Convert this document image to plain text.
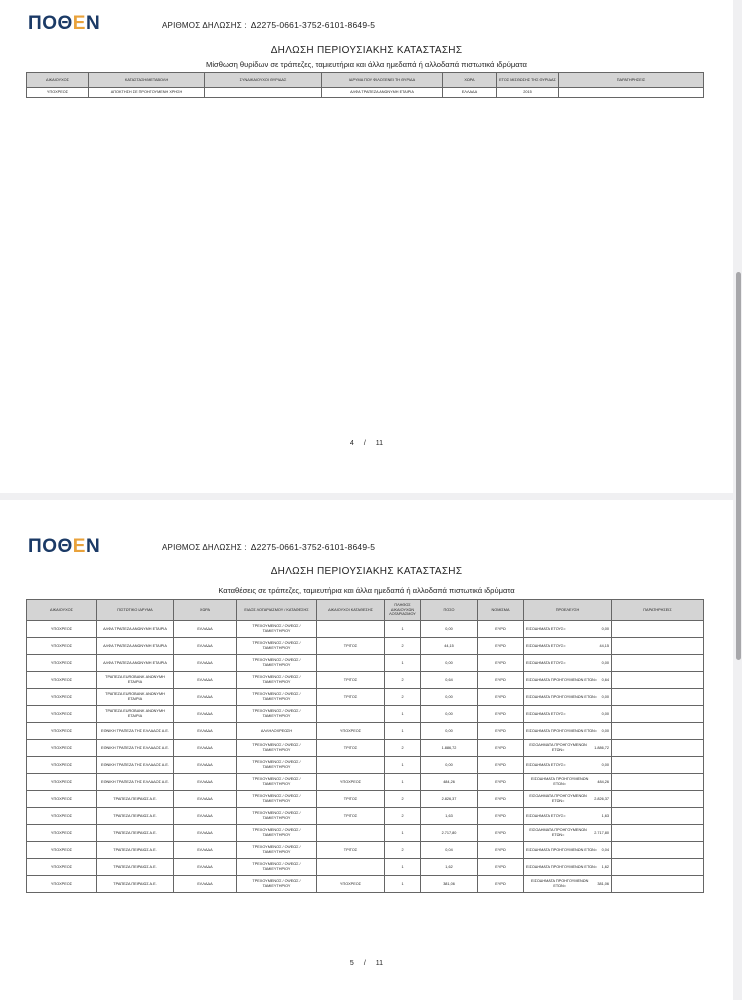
ΠΟΘΕΝ	ΑΡΙΘΜΟΣ ΔΗΛΩΣΗΣ : Δ2275-0661-3752-6101-8649-5
ΔΗΛΩΣΗ ΠΕΡΙΟΥΣΙΑΚΗΣ ΚΑΤΑΣΤΑΣΗΣ
Μίσθωση θυρίδων σε τράπεζες, ταμιευτήρια και άλλα ημεδαπά ή αλλοδαπά πιστωτικά ιδρύματα
ΔΙΚΑΙΟΥΧΟΣ	ΚΑΤΑΣΤΑΣΗ/ΜΕΤΑΒΟΛΗ	ΣΥΝΔΙΚΑΙΟΥΧΟΙ ΘΥΡΙΔΑΣ	ΙΔΡΥΜΑ ΠΟΥ ΦΙΛΟΞΕΝΕΙ ΤΗ ΘΥΡΙΔΑ	ΧΩΡΑ	ΕΤΟΣ ΜΙΣΘΩΣΗΣ ΤΗΣ ΘΥΡΙΔΑΣ	ΠΑΡΑΤΗΡΗΣΕΙΣ
ΥΠΟΧΡΕΟΣ	ΑΠΟΚΤΗΣΗ ΣΕ ΠΡΟΗΓΟΥΜΕΝΗ ΧΡΗΣΗ		ΑΛΦΑ ΤΡΑΠΕΖΑ ΑΝΩΝΥΜΗ ΕΤΑΙΡΙΑ	ΕΛΛΑΔΑ	2015	
4 / 11
ΠΟΘΕΝ	ΑΡΙΘΜΟΣ ΔΗΛΩΣΗΣ : Δ2275-0661-3752-6101-8649-5
ΔΗΛΩΣΗ ΠΕΡΙΟΥΣΙΑΚΗΣ ΚΑΤΑΣΤΑΣΗΣ
Καταθέσεις σε τράπεζες, ταμιευτήρια και άλλα ημεδαπά ή αλλοδαπά πιστωτικά ιδρύματα
ΔΙΚΑΙΟΥΧΟΣ	ΠΙΣΤΩΤΙΚΟ ΙΔΡΥΜΑ	ΧΩΡΑ	ΕΙΔΟΣ ΛΟΓΑΡΙΑΣΜΟΥ / ΚΑΤΑΘΕΣΗΣ	ΔΙΚΑΙΟΥΧΟΙ ΚΑΤΑΘΕΣΗΣ	ΠΛΗΘΟΣ ΔΙΚΑΙΟΥΧΩΝ ΛΟΓΑΡΙΑΣΜΟΥ	ΠΟΣΟ	ΝΟΜΙΣΜΑ	ΠΡΟΕΛΕΥΣΗ	ΠΑΡΑΤΗΡΗΣΕΙΣ
ΥΠΟΧΡΕΟΣ	ΑΛΦΑ ΤΡΑΠΕΖΑ ΑΝΩΝΥΜΗ ΕΤΑΙΡΙΑ	ΕΛΛΑΔΑ	ΤΡΕΧΟΥΜΕΝΟΣ / ΟΨΕΩΣ / ΤΑΜΙΕΥΤΗΡΙΟΥ		1	0,00	ΕΥΡΩ	ΕΙΣΟΔΗΜΑΤΑ ΕΤΟΥΣ= 0,00	

ΥΠΟΧΡΕΟΣ	ΑΛΦΑ ΤΡΑΠΕΖΑ ΑΝΩΝΥΜΗ ΕΤΑΙΡΙΑ	ΕΛΛΑΔΑ	ΤΡΕΧΟΥΜΕΝΟΣ / ΟΨΕΩΣ / ΤΑΜΙΕΥΤΗΡΙΟΥ	ΤΡΙΤΟΣ	2	44,15	ΕΥΡΩ	ΕΙΣΟΔΗΜΑΤΑ ΕΤΟΥΣ= 44,15	

ΥΠΟΧΡΕΟΣ	ΑΛΦΑ ΤΡΑΠΕΖΑ ΑΝΩΝΥΜΗ ΕΤΑΙΡΙΑ	ΕΛΛΑΔΑ	ΤΡΕΧΟΥΜΕΝΟΣ / ΟΨΕΩΣ / ΤΑΜΙΕΥΤΗΡΙΟΥ		1	0,00	ΕΥΡΩ	ΕΙΣΟΔΗΜΑΤΑ ΕΤΟΥΣ= 0,00	

ΥΠΟΧΡΕΟΣ	ΤΡΑΠΕΖΑ EUROBANK ΑΝΩΝΥΜΗ ΕΤΑΙΡΙΑ	ΕΛΛΑΔΑ	ΤΡΕΧΟΥΜΕΝΟΣ / ΟΨΕΩΣ / ΤΑΜΙΕΥΤΗΡΙΟΥ	ΤΡΙΤΟΣ	2	0,64	ΕΥΡΩ	ΕΙΣΟΔΗΜΑΤΑ ΠΡΟΗΓΟΥΜΕΝΩΝ ΕΤΩΝ= 0,64	

ΥΠΟΧΡΕΟΣ	ΤΡΑΠΕΖΑ EUROBANK ΑΝΩΝΥΜΗ ΕΤΑΙΡΙΑ	ΕΛΛΑΔΑ	ΤΡΕΧΟΥΜΕΝΟΣ / ΟΨΕΩΣ / ΤΑΜΙΕΥΤΗΡΙΟΥ	ΤΡΙΤΟΣ	2	0,00	ΕΥΡΩ	ΕΙΣΟΔΗΜΑΤΑ ΠΡΟΗΓΟΥΜΕΝΩΝ ΕΤΩΝ= 0,00	

ΥΠΟΧΡΕΟΣ	ΤΡΑΠΕΖΑ EUROBANK ΑΝΩΝΥΜΗ ΕΤΑΙΡΙΑ	ΕΛΛΑΔΑ	ΤΡΕΧΟΥΜΕΝΟΣ / ΟΨΕΩΣ / ΤΑΜΙΕΥΤΗΡΙΟΥ		1	0,00	ΕΥΡΩ	ΕΙΣΟΔΗΜΑΤΑ ΕΤΟΥΣ= 0,00	

ΥΠΟΧΡΕΟΣ	ΕΘΝΙΚΗ ΤΡΑΠΕΖΑ ΤΗΣ ΕΛΛΑΔΟΣ Α.Ε.	ΕΛΛΑΔΑ	ΑΛΛΗΛΟΧΡΕΩΣΗ	ΥΠΟΧΡΕΟΣ	1	0,00	ΕΥΡΩ	ΕΙΣΟΔΗΜΑΤΑ ΠΡΟΗΓΟΥΜΕΝΩΝ ΕΤΩΝ= 0,00	

ΥΠΟΧΡΕΟΣ	ΕΘΝΙΚΗ ΤΡΑΠΕΖΑ ΤΗΣ ΕΛΛΑΔΟΣ Α.Ε.	ΕΛΛΑΔΑ	ΤΡΕΧΟΥΜΕΝΟΣ / ΟΨΕΩΣ / ΤΑΜΙΕΥΤΗΡΙΟΥ	ΤΡΙΤΟΣ	2	1.886,72	ΕΥΡΩ	ΕΙΣΟΔΗΜΑΤΑ ΠΡΟΗΓΟΥΜΕΝΩΝ ΕΤΩΝ=
1.886,72	

ΥΠΟΧΡΕΟΣ	ΕΘΝΙΚΗ ΤΡΑΠΕΖΑ ΤΗΣ ΕΛΛΑΔΟΣ Α.Ε.	ΕΛΛΑΔΑ	ΤΡΕΧΟΥΜΕΝΟΣ / ΟΨΕΩΣ / ΤΑΜΙΕΥΤΗΡΙΟΥ		1	0,00	ΕΥΡΩ	ΕΙΣΟΔΗΜΑΤΑ ΕΤΟΥΣ= 0,00	

ΥΠΟΧΡΕΟΣ	ΕΘΝΙΚΗ ΤΡΑΠΕΖΑ ΤΗΣ ΕΛΛΑΔΟΣ Α.Ε.	ΕΛΛΑΔΑ	ΤΡΕΧΟΥΜΕΝΟΣ / ΟΨΕΩΣ / ΤΑΜΙΕΥΤΗΡΙΟΥ	ΥΠΟΧΡΕΟΣ	1	484,26	ΕΥΡΩ	ΕΙΣΟΔΗΜΑΤΑ ΠΡΟΗΓΟΥΜΕΝΩΝ ΕΤΩΝ=
484,26	

ΥΠΟΧΡΕΟΣ	ΤΡΑΠΕΖΑ ΠΕΙΡΑΙΩΣ Α.Ε.	ΕΛΛΑΔΑ	ΤΡΕΧΟΥΜΕΝΟΣ / ΟΨΕΩΣ / ΤΑΜΙΕΥΤΗΡΙΟΥ	ΤΡΙΤΟΣ	2	2.826,37	ΕΥΡΩ	ΕΙΣΟΔΗΜΑΤΑ ΠΡΟΗΓΟΥΜΕΝΩΝ ΕΤΩΝ=
2.826,37	

ΥΠΟΧΡΕΟΣ	ΤΡΑΠΕΖΑ ΠΕΙΡΑΙΩΣ Α.Ε.	ΕΛΛΑΔΑ	ΤΡΕΧΟΥΜΕΝΟΣ / ΟΨΕΩΣ / ΤΑΜΙΕΥΤΗΡΙΟΥ	ΤΡΙΤΟΣ	2	1,63	ΕΥΡΩ	ΕΙΣΟΔΗΜΑΤΑ ΕΤΟΥΣ= 1,63	

ΥΠΟΧΡΕΟΣ	ΤΡΑΠΕΖΑ ΠΕΙΡΑΙΩΣ Α.Ε.	ΕΛΛΑΔΑ	ΤΡΕΧΟΥΜΕΝΟΣ / ΟΨΕΩΣ / ΤΑΜΙΕΥΤΗΡΙΟΥ		1	2.717,80	ΕΥΡΩ	ΕΙΣΟΔΗΜΑΤΑ ΠΡΟΗΓΟΥΜΕΝΩΝ ΕΤΩΝ=
2.717,80	

ΥΠΟΧΡΕΟΣ	ΤΡΑΠΕΖΑ ΠΕΙΡΑΙΩΣ Α.Ε.	ΕΛΛΑΔΑ	ΤΡΕΧΟΥΜΕΝΟΣ / ΟΨΕΩΣ / ΤΑΜΙΕΥΤΗΡΙΟΥ	ΤΡΙΤΟΣ	2	0,04	ΕΥΡΩ	ΕΙΣΟΔΗΜΑΤΑ ΠΡΟΗΓΟΥΜΕΝΩΝ ΕΤΩΝ= 0,04	

ΥΠΟΧΡΕΟΣ	ΤΡΑΠΕΖΑ ΠΕΙΡΑΙΩΣ Α.Ε.	ΕΛΛΑΔΑ	ΤΡΕΧΟΥΜΕΝΟΣ / ΟΨΕΩΣ / ΤΑΜΙΕΥΤΗΡΙΟΥ		1	1,62	ΕΥΡΩ	ΕΙΣΟΔΗΜΑΤΑ ΠΡΟΗΓΟΥΜΕΝΩΝ ΕΤΩΝ= 1,62	

ΥΠΟΧΡΕΟΣ	ΤΡΑΠΕΖΑ ΠΕΙΡΑΙΩΣ Α.Ε.	ΕΛΛΑΔΑ	ΤΡΕΧΟΥΜΕΝΟΣ / ΟΨΕΩΣ / ΤΑΜΙΕΥΤΗΡΙΟΥ	ΥΠΟΧΡΕΟΣ	1	381,06	ΕΥΡΩ	ΕΙΣΟΔΗΜΑΤΑ ΠΡΟΗΓΟΥΜΕΝΩΝ ΕΤΩΝ=
381,06	

5 / 11
